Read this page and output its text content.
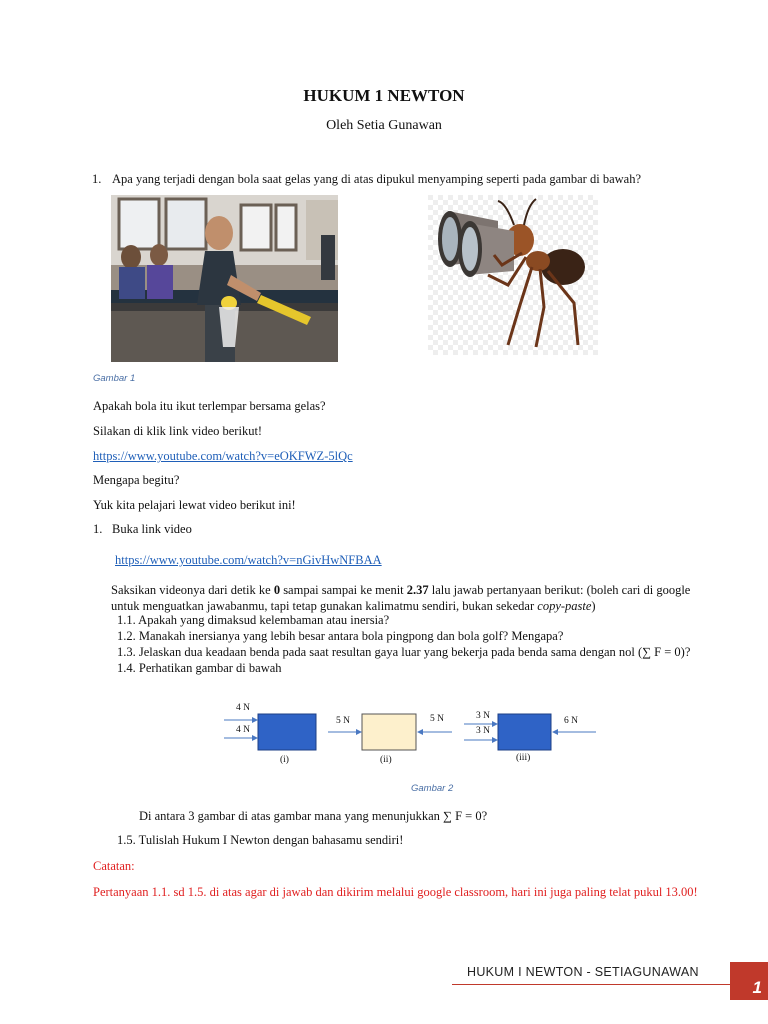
HUKUM 1 NEWTON
Oleh Setia Gunawan
1. Apa yang terjadi dengan bola saat gelas yang di atas dipukul menyamping seperti pada gambar di bawah?
Gambar 1
Apakah bola itu ikut terlempar bersama gelas?
Silakan di klik link video berikut!
https://www.youtube.com/watch?v=eOKFWZ-5lQc
Mengapa begitu?
Yuk kita pelajari lewat video berikut ini!
1. Buka link video
https://www.youtube.com/watch?v=nGivHwNFBAA
Saksikan videonya dari detik ke 0 sampai sampai ke menit 2.37 lalu jawab pertanyaan berikut: (boleh cari di google
untuk menguatkan jawabanmu, tapi tetap gunakan kalimatmu sendiri, bukan sekedar copy-paste)
1.1. Apakah yang dimaksud kelembaman atau inersia?
1.2. Manakah inersianya yang lebih besar antara bola pingpong dan bola golf? Mengapa?
1.3. Jelaskan dua keadaan benda pada saat resultan gaya luar yang bekerja pada benda sama dengan nol (∑ F = 0)?
1.4. Perhatikan gambar di bawah
4 N
4 N
(i)
5 N	5 N
(ii)
3 N
3 N
6 N
(iii)
Gambar 2
Di antara 3 gambar di atas gambar mana yang menunjukkan ∑ F = 0?
1.5. Tulislah Hukum I Newton dengan bahasamu sendiri!
Catatan:
Pertanyaan 1.1. sd 1.5. di atas agar di jawab dan dikirim melalui google classroom, hari ini juga paling telat pukul 13.00!
HUKUM I NEWTON - SETIAGUNAWAN
1
